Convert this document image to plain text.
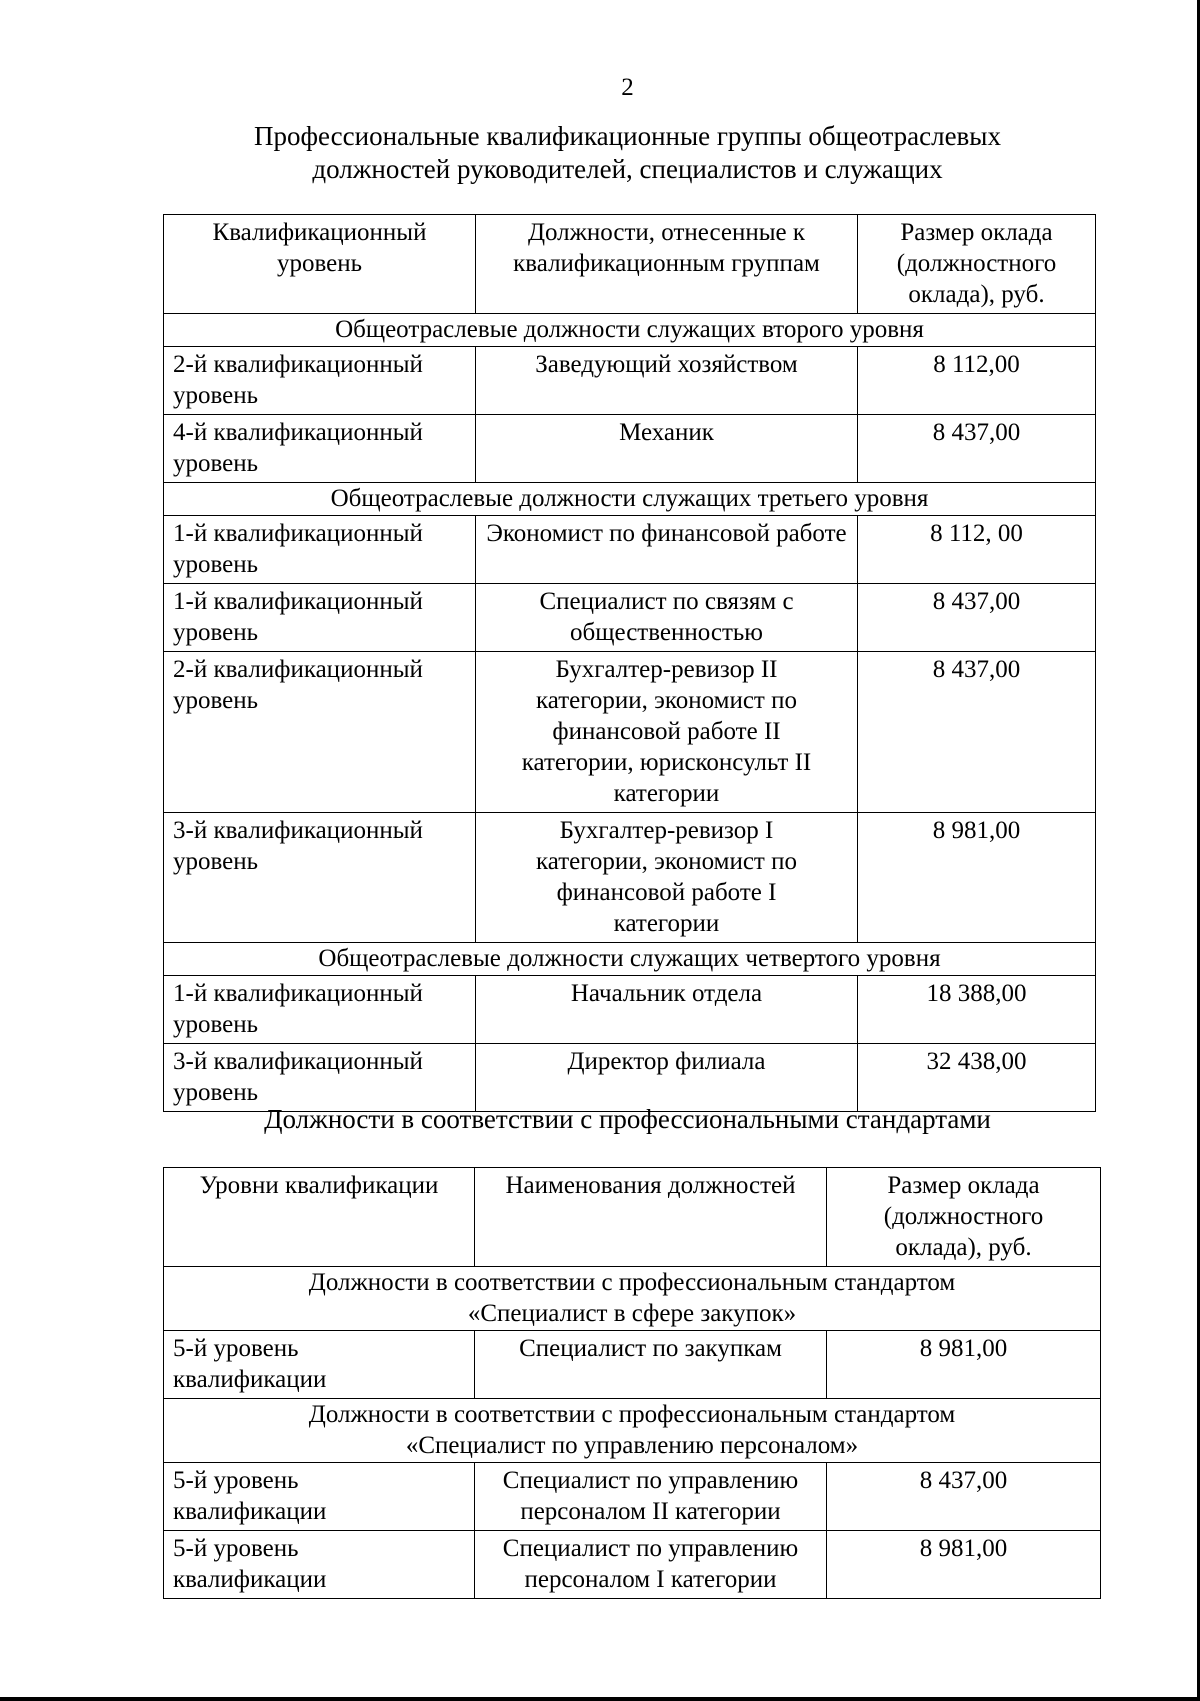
2
Профессиональные квалификационные группы общеотраслевых
должностей руководителей, специалистов и служащих
Квалификационный уровень	Должности, отнесенные к квалификационным группам	Размер оклада (должностного оклада), руб.
Общеотраслевые должности служащих второго уровня		
2-й квалификационный уровень	Заведующий хозяйством	8 112,00
4-й квалификационный уровень	Механик	8 437,00
Общеотраслевые должности служащих третьего уровня		
1-й квалификационный уровень	Экономист по финансовой работе	8 112, 00
1-й квалификационный уровень	Специалист по связям с общественностью	8 437,00
2-й квалификационный уровень	Бухгалтер-ревизор II категории, экономист по финансовой работе II категории, юрисконсульт II категории	8 437,00
3-й квалификационный уровень	Бухгалтер-ревизор I категории, экономист по финансовой работе I категории	8 981,00
Общеотраслевые должности служащих четвертого уровня		
1-й квалификационный уровень	Начальник отдела	18 388,00
3-й квалификационный уровень	Директор филиала	32 438,00
Должности в соответствии с профессиональными стандартами
Уровни квалификации	Наименования должностей	Размер оклада (должностного оклада), руб.

Должности в соответствии с профессиональным стандартом
«Специалист в сфере закупок»		

5-й уровень квалификации	Специалист по закупкам	8 981,00

Должности в соответствии с профессиональным стандартом
«Специалист по управлению персоналом»		

5-й уровень квалификации	Специалист по управлению персоналом II категории	8 437,00
5-й уровень квалификации	Специалист по управлению персоналом I категории	8 981,00
